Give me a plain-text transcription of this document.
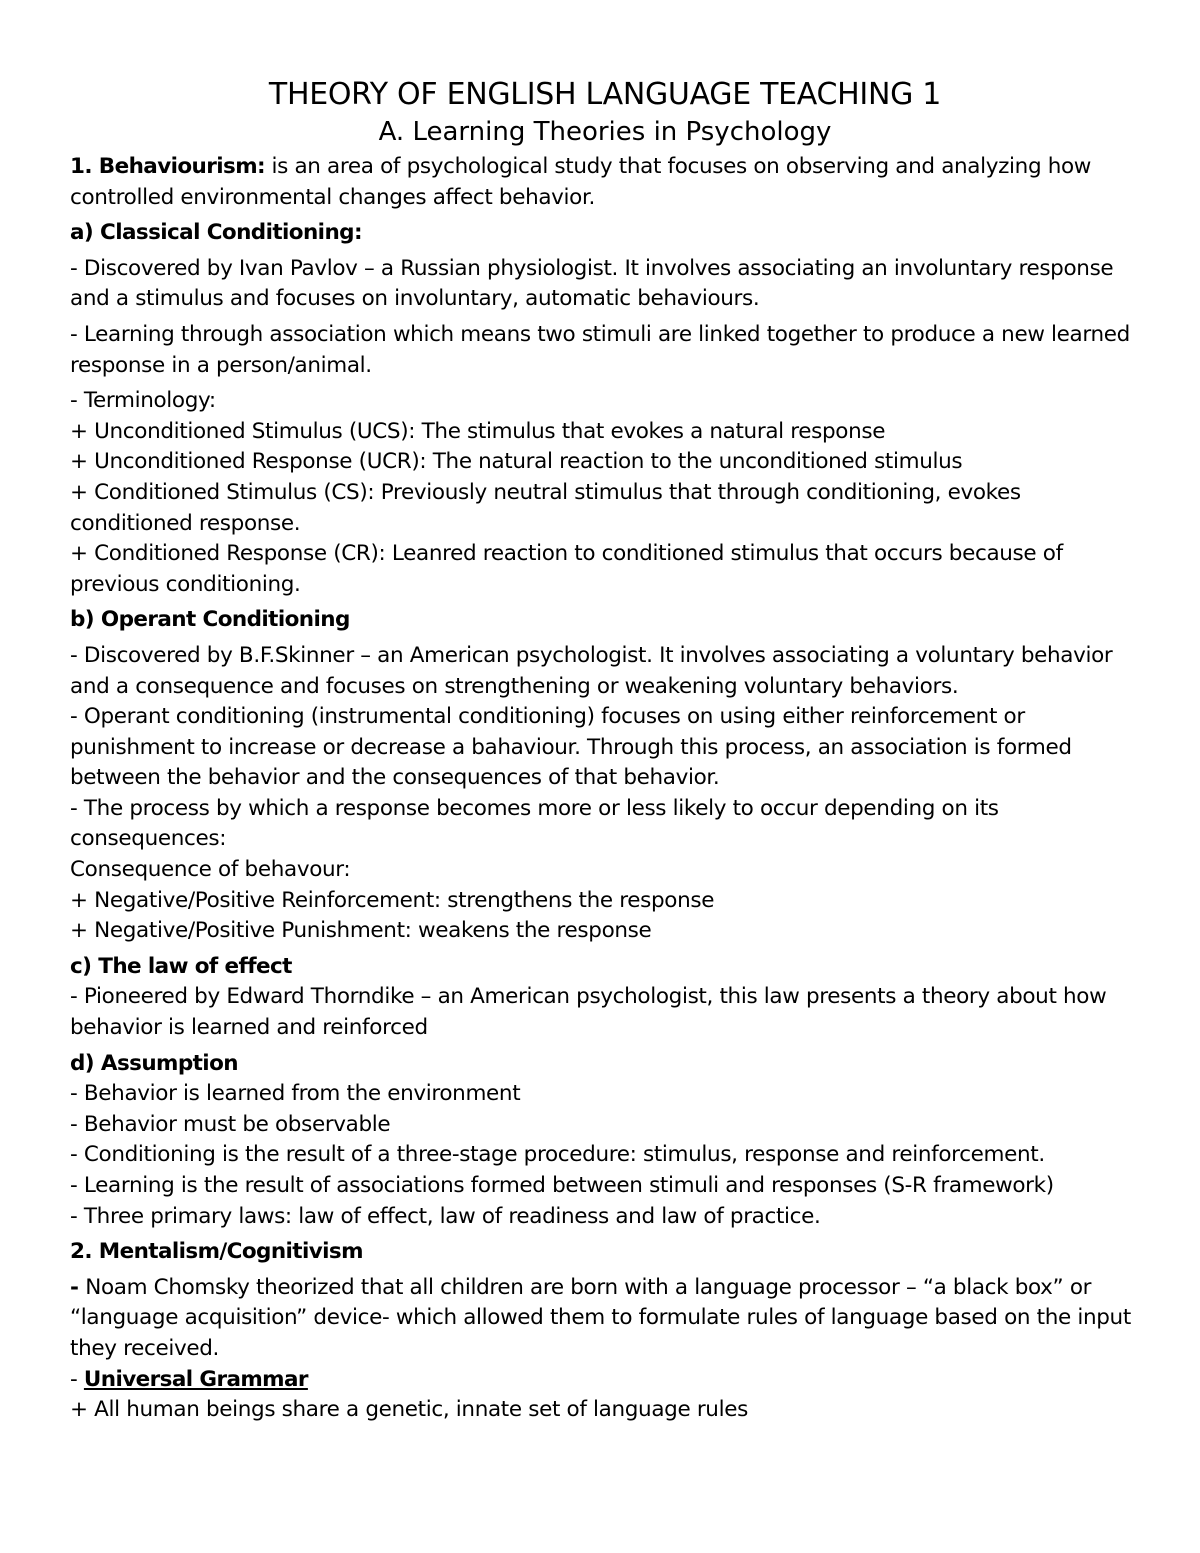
THEORY OF ENGLISH LANGUAGE TEACHING 1
A. Learning Theories in Psychology

1. Behaviourism: is an area of psychological study that focuses on observing and analyzing how controlled environmental changes affect behavior.

a) Classical Conditioning:

- Discovered by Ivan Pavlov – a Russian physiologist. It involves associating an involuntary response and a stimulus and focuses on involuntary, automatic behaviours.

- Learning through association which means two stimuli are linked together to produce a new learned response in a person/animal.

- Terminology:

+ Unconditioned Stimulus (UCS): The stimulus that evokes a natural response

+ Unconditioned Response (UCR): The natural reaction to the unconditioned stimulus

+ Conditioned Stimulus (CS): Previously neutral stimulus that through conditioning, evokes conditioned response.

+ Conditioned Response (CR): Leanred reaction to conditioned stimulus that occurs because of previous conditioning.

b) Operant Conditioning

- Discovered by B.F.Skinner – an American psychologist. It involves associating a voluntary behavior and a consequence and focuses on strengthening or weakening voluntary behaviors.

- Operant conditioning (instrumental conditioning) focuses on using either reinforcement or punishment to increase or decrease a bahaviour. Through this process, an association is formed between the behavior and the consequences of that behavior.

- The process by which a response becomes more or less likely to occur depending on its consequences:

Consequence of behavour:

+ Negative/Positive Reinforcement: strengthens the response

+ Negative/Positive Punishment: weakens the response

c) The law of effect

- Pioneered by Edward Thorndike – an American psychologist, this law presents a theory about how behavior is learned and reinforced

d) Assumption

- Behavior is learned from the environment

- Behavior must be observable

- Conditioning is the result of a three-stage procedure: stimulus, response and reinforcement.

- Learning is the result of associations formed between stimuli and responses (S-R framework)

- Three primary laws: law of effect, law of readiness and law of practice.

2. Mentalism/Cognitivism

- Noam Chomsky theorized that all children are born with a language processor – “a black box” or “language acquisition” device- which allowed them to formulate rules of language based on the input they received.

- Universal Grammar

+ All human beings share a genetic, innate set of language rules
